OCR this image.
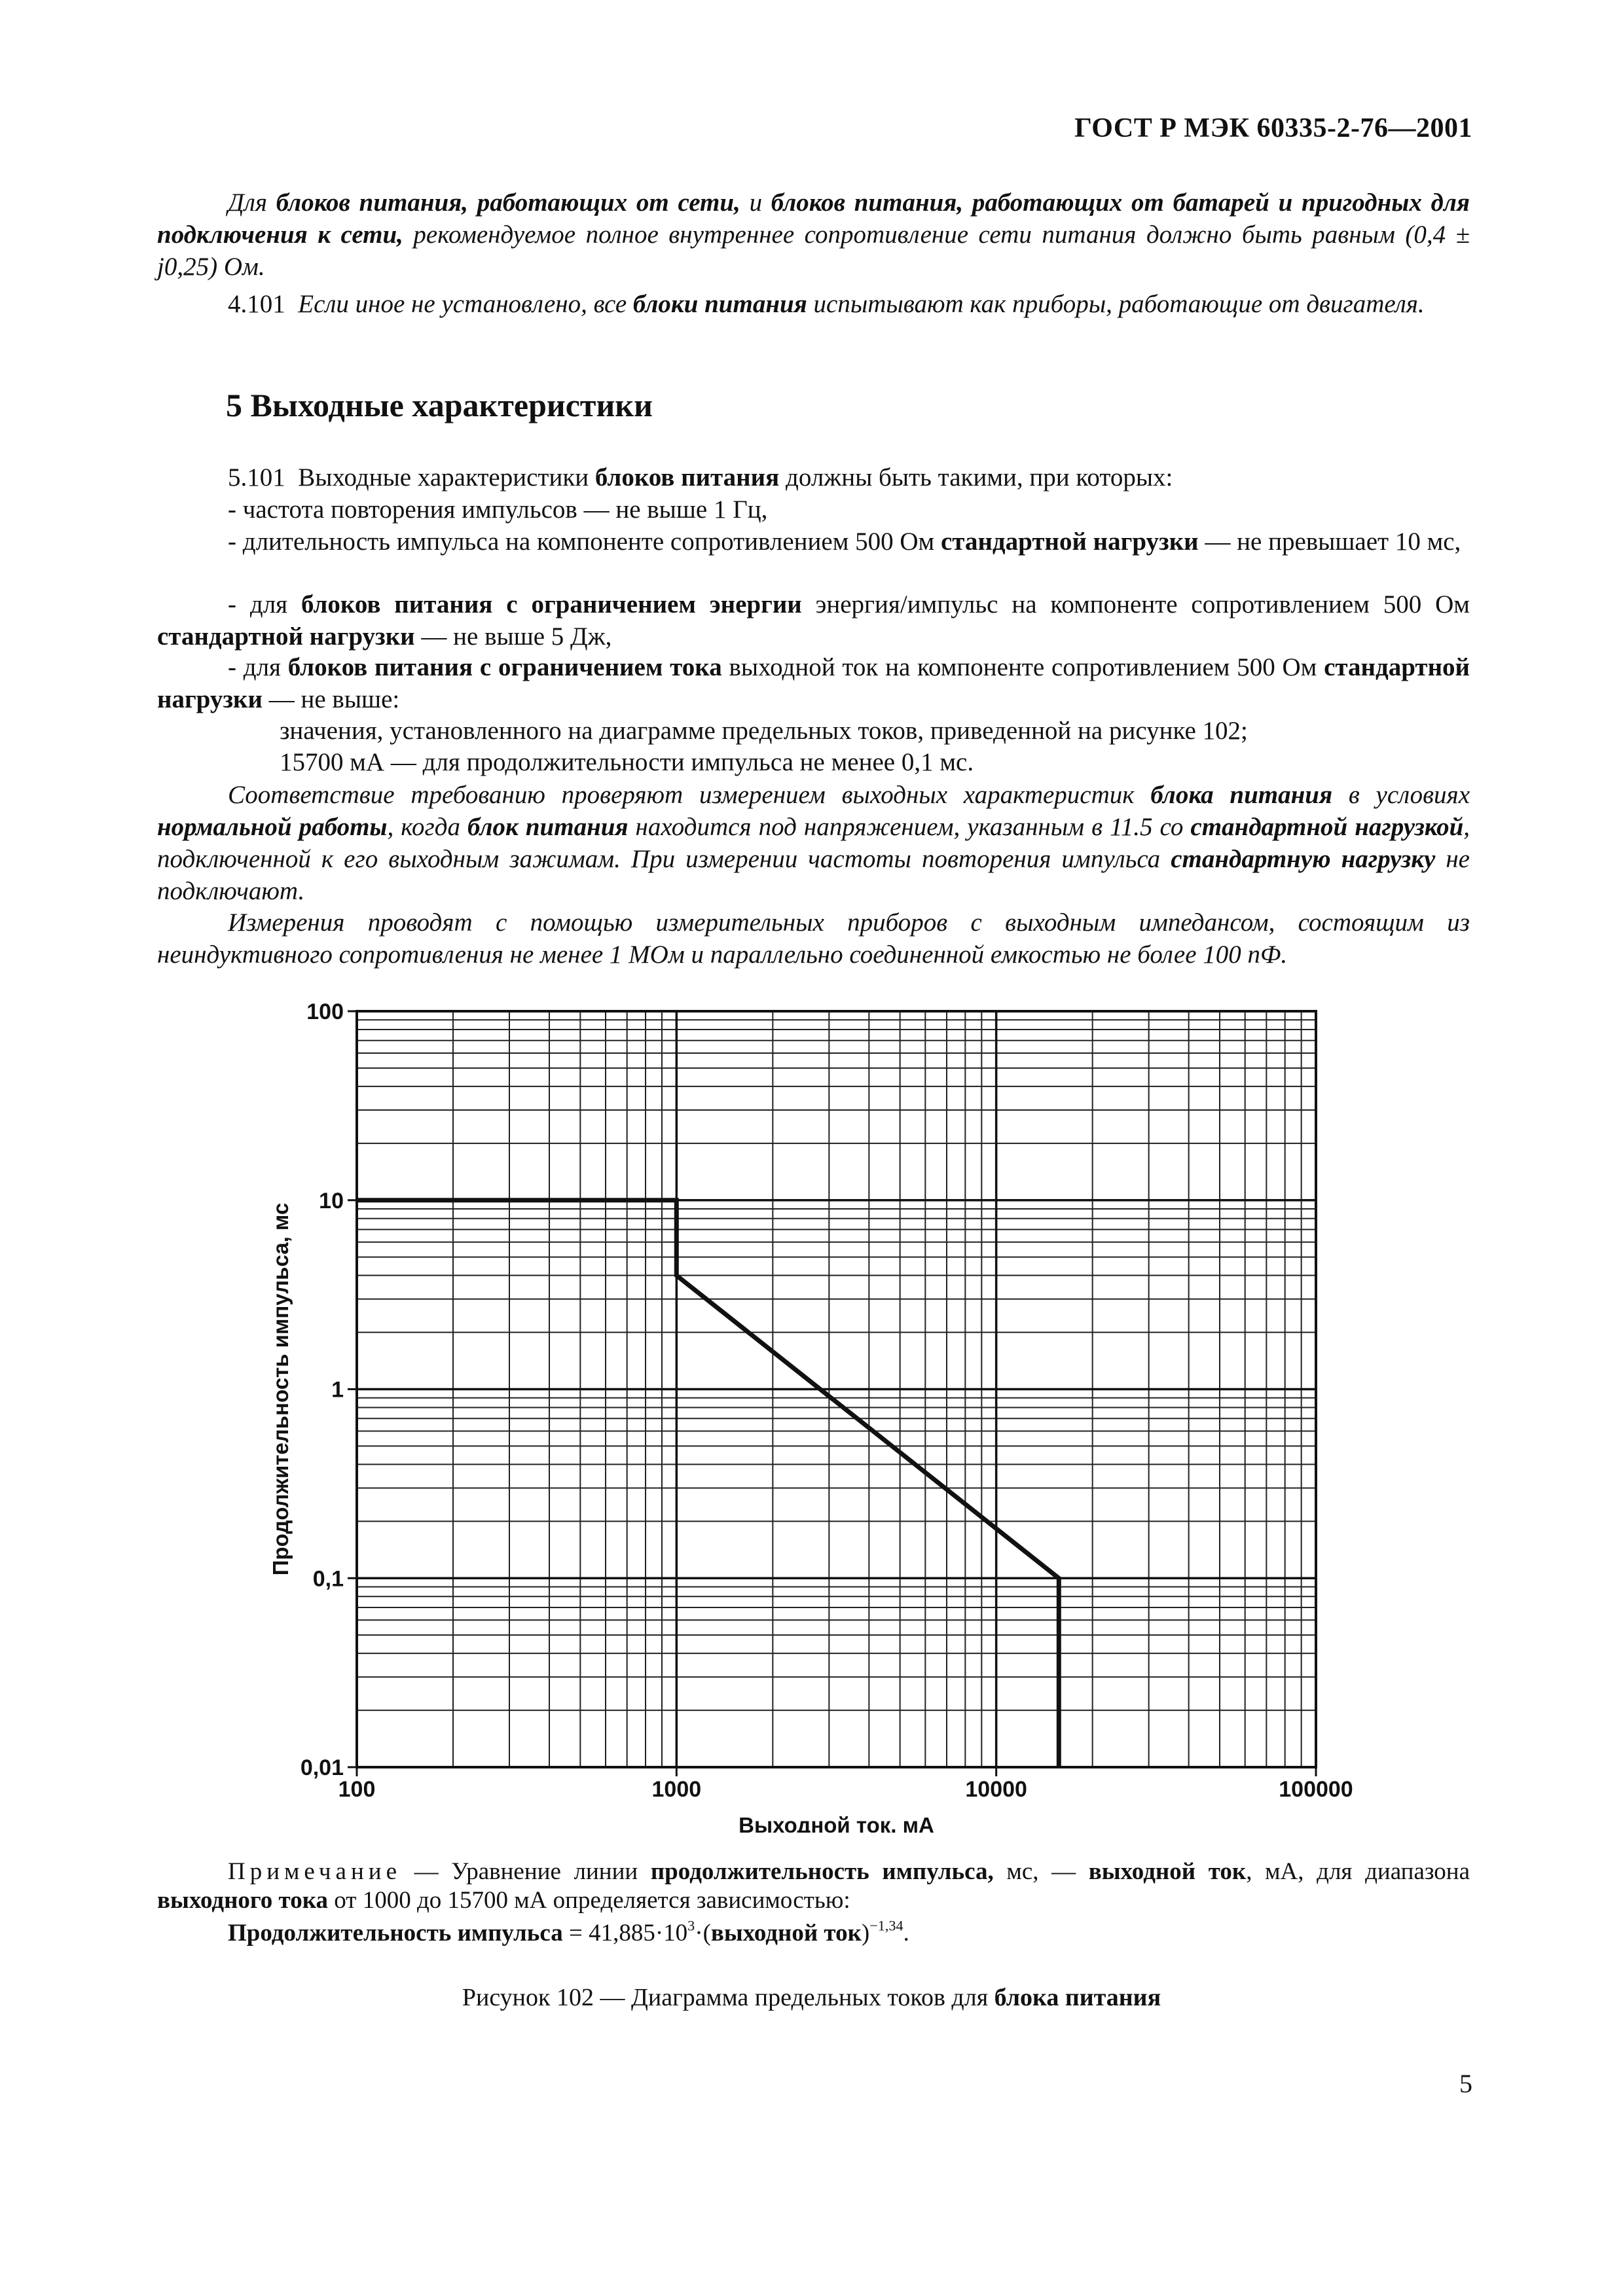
ГОСТ Р МЭК 60335-2-76—2001
Для блоков питания, работающих от сети, и блоков питания, работающих от батарей и пригодных для подключения к сети, рекомендуемое полное внутреннее сопротивление сети питания должно быть равным (0,4 ± j0,25) Ом.
4.101 Если иное не установлено, все блоки питания испытывают как приборы, работающие от двигателя.
5 Выходные характеристики
5.101 Выходные характеристики блоков питания должны быть такими, при которых:
- частота повторения импульсов — не выше 1 Гц,
- длительность импульса на компоненте сопротивлением 500 Ом стандартной нагрузки — не превышает 10 мс,
- для блоков питания с ограничением энергии энергия/импульс на компоненте сопротивлением 500 Ом стандартной нагрузки — не выше 5 Дж,
- для блоков питания с ограничением тока выходной ток на компоненте сопротивлением 500 Ом стандартной нагрузки — не выше:
значения, установленного на диаграмме предельных токов, приведенной на рисунке 102;
15700 мА — для продолжительности импульса не менее 0,1 мс.
Соответствие требованию проверяют измерением выходных характеристик блока питания в условиях нормальной работы, когда блок питания находится под напряжением, указанным в 11.5 со стандартной нагрузкой, подключенной к его выходным зажимам. При измерении частоты повторения импульса стандартную нагрузку не подключают.
Измерения проводят с помощью измерительных приборов с выходным импедансом, состоящим из неиндуктивного сопротивления не менее 1 МОм и параллельно соединенной емкостью не более 100 пФ.
100	1000	10000	100000
0,01
0,1
1
10
100
Выходной ток, мА
Продолжительность импульса, мс
Примечание — Уравнение линии продолжительность импульса, мс, — выходной ток, мА, для диапазона выходного тока от 1000 до 15700 мА определяется зависимостью:
Продолжительность импульса = $41,885\cdot 10^3\cdot(выходной$ ток)$^{-1,34}$.
Рисунок 102 — Диаграмма предельных токов для блока питания
5
